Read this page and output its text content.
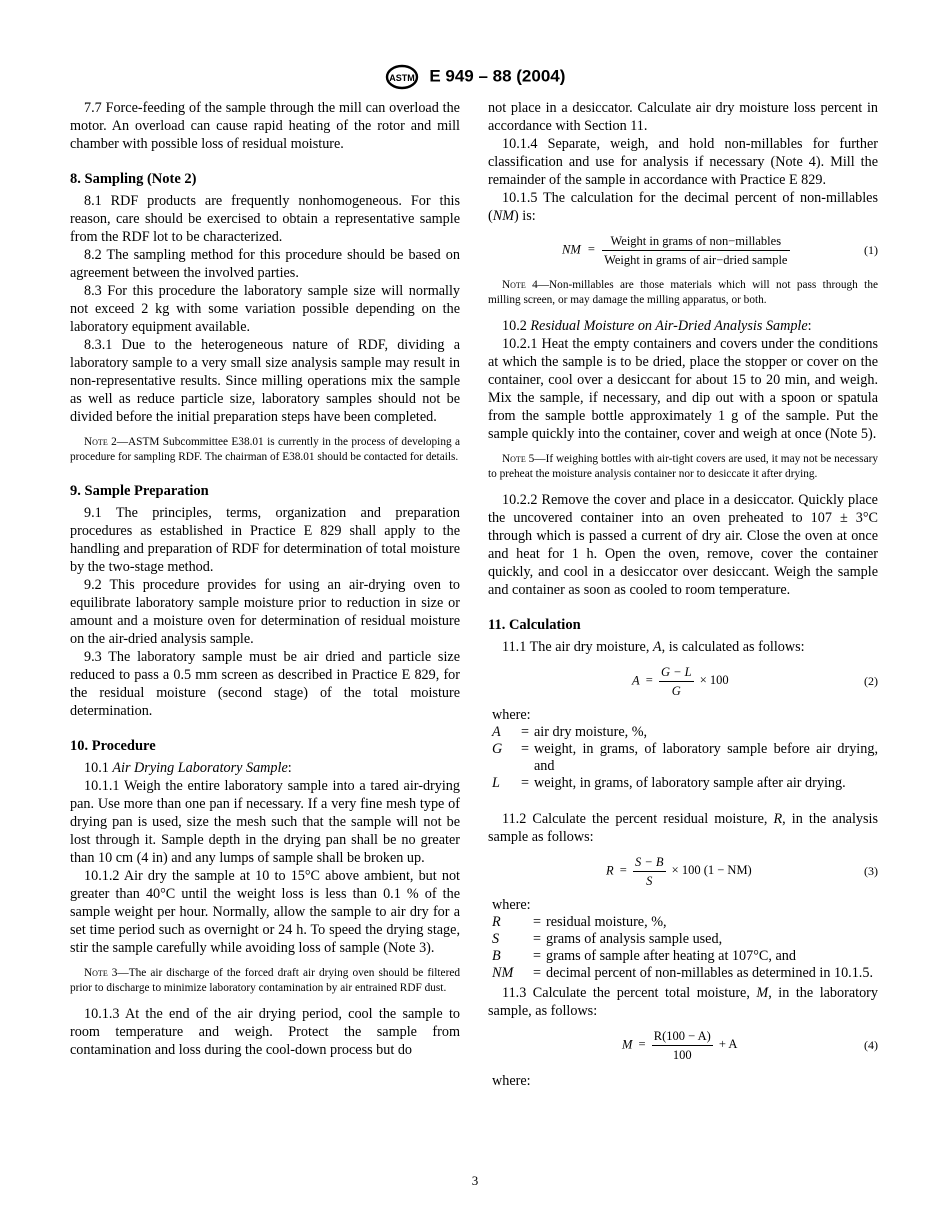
ASTM E 949 – 88 (2004)

7.7 Force-feeding of the sample through the mill can overload the motor. An overload can cause rapid heating of the rotor and mill chamber with possible loss of residual moisture.

8. Sampling (Note 2)

8.1 RDF products are frequently nonhomogeneous. For this reason, care should be exercised to obtain a representative sample from the RDF lot to be characterized.

8.2 The sampling method for this procedure should be based on agreement between the involved parties.

8.3 For this procedure the laboratory sample size will normally not exceed 2 kg with some variation possible depending on the laboratory equipment available.

8.3.1 Due to the heterogeneous nature of RDF, dividing a laboratory sample to a very small size analysis sample may result in non-representative results. Since milling operations mix the sample as well as reduce particle size, laboratory samples should not be divided before the initial preparation steps have been completed.

Note 2—ASTM Subcommittee E38.01 is currently in the process of developing a procedure for sampling RDF. The chairman of E38.01 should be contacted for details.

9. Sample Preparation

9.1 The principles, terms, organization and preparation procedures as established in Practice E 829 shall apply to the handling and preparation of RDF for determination of total moisture by the two-stage method.

9.2 This procedure provides for using an air-drying oven to equilibrate laboratory sample moisture prior to reduction in size or amount and a moisture oven for determination of residual moisture on the air-dried analysis sample.

9.3 The laboratory sample must be air dried and particle size reduced to pass a 0.5 mm screen as described in Practice E 829, for the residual moisture (second stage) of the total moisture determination.

10. Procedure

10.1 Air Drying Laboratory Sample:

10.1.1 Weigh the entire laboratory sample into a tared air-drying pan. Use more than one pan if necessary. If a very fine mesh type of drying pan is used, size the mesh such that the sample will not be lost through it. Sample depth in the drying pan shall be no greater than 10 cm (4 in) and any lumps of sample shall be broken up.

10.1.2 Air dry the sample at 10 to 15°C above ambient, but not greater than 40°C until the weight loss is less than 0.1 % of the sample weight per hour. Normally, allow the sample to air dry for a set time period such as overnight or 24 h. To speed the drying stage, stir the sample carefully while avoiding loss of sample (Note 3).

Note 3—The air discharge of the forced draft air drying oven should be filtered prior to discharge to minimize laboratory contamination by air entrained RDF dust.

10.1.3 At the end of the air drying period, cool the sample to room temperature and weigh. Protect the sample from contamination and loss during the cool-down process but do

not place in a desiccator. Calculate air dry moisture loss percent in accordance with Section 11.

10.1.4 Separate, weigh, and hold non-millables for further classification and use for analysis if necessary (Note 4). Mill the remainder of the sample in accordance with Practice E 829.

10.1.5 The calculation for the decimal percent of non-millables (NM) is:

NM = $\frac{\text{Weight in grams of non−millables}}{\text{Weight in grams of air−dried sample}}$	(1)

Note 4—Non-millables are those materials which will not pass through the milling screen, or may damage the milling apparatus, or both.

10.2 Residual Moisture on Air-Dried Analysis Sample:

10.2.1 Heat the empty containers and covers under the conditions at which the sample is to be dried, place the stopper or cover on the container, cool over a desiccant for about 15 to 20 min, and weigh. Mix the sample, if necessary, and dip out with a spoon or spatula from the sample bottle approximately 1 g of the sample. Put the sample quickly into the container, cover and weigh at once (Note 5).

Note 5—If weighing bottles with air-tight covers are used, it may not be necessary to preheat the moisture analysis container nor to desiccate it after drying.

10.2.2 Remove the cover and place in a desiccator. Quickly place the uncovered container into an oven preheated to 107 ± 3°C through which is passed a current of dry air. Close the oven at once and heat for 1 h. Open the oven, remove, cover the container quickly, and cool in a desiccator over desiccant. Weigh the sample and container as soon as cooled to room temperature.

11. Calculation

11.1 The air dry moisture, A, is calculated as follows:

$A = \frac{G - L}{G} \times 100$	(2)

where:

A	=	air dry moisture, %,
G	=	weight, in grams, of laboratory sample before air drying, and
L	=	weight, in grams, of laboratory sample after air drying.

11.2 Calculate the percent residual moisture, R, in the analysis sample as follows:

$R = \frac{S - B}{S} \times 100$ (1 − NM)	(3)

where:

R	=	residual moisture, %,
S	=	grams of analysis sample used,
B	=	grams of sample after heating at 107°C, and
NM	=	decimal percent of non-millables as determined in 10.1.5.

11.3 Calculate the percent total moisture, M, in the laboratory sample, as follows:

$M = \frac{R(100 - A)}{100} + A$	(4)

where:

3
